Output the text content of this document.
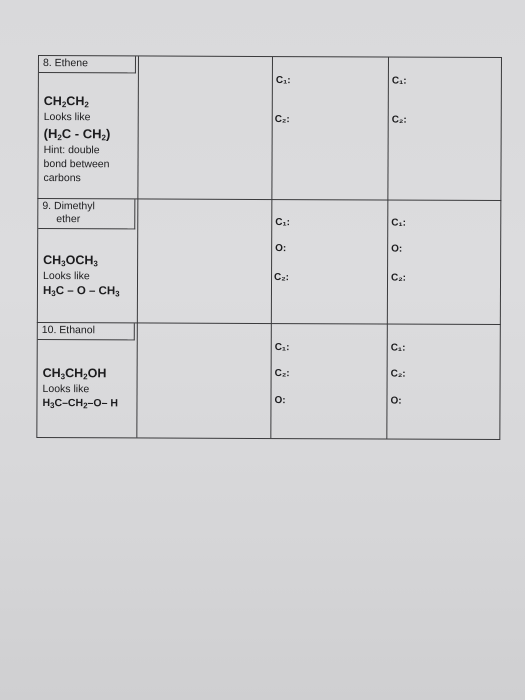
8. Ethene
CH2CH2
Looks like
(H2C - CH2)
Hint: double
bond between
carbons
C₁:
C₂:
C₁:
C₂:
9. Dimethyl
ether
CH3OCH3
Looks like
H3C – O – CH3
C₁:
O:
C₂:
C₁:
O:
C₂:
10. Ethanol
CH3CH2OH
Looks like
H3C–CH2–O– H
C₁:
C₂:
O:
C₁:
C₂:
O:
